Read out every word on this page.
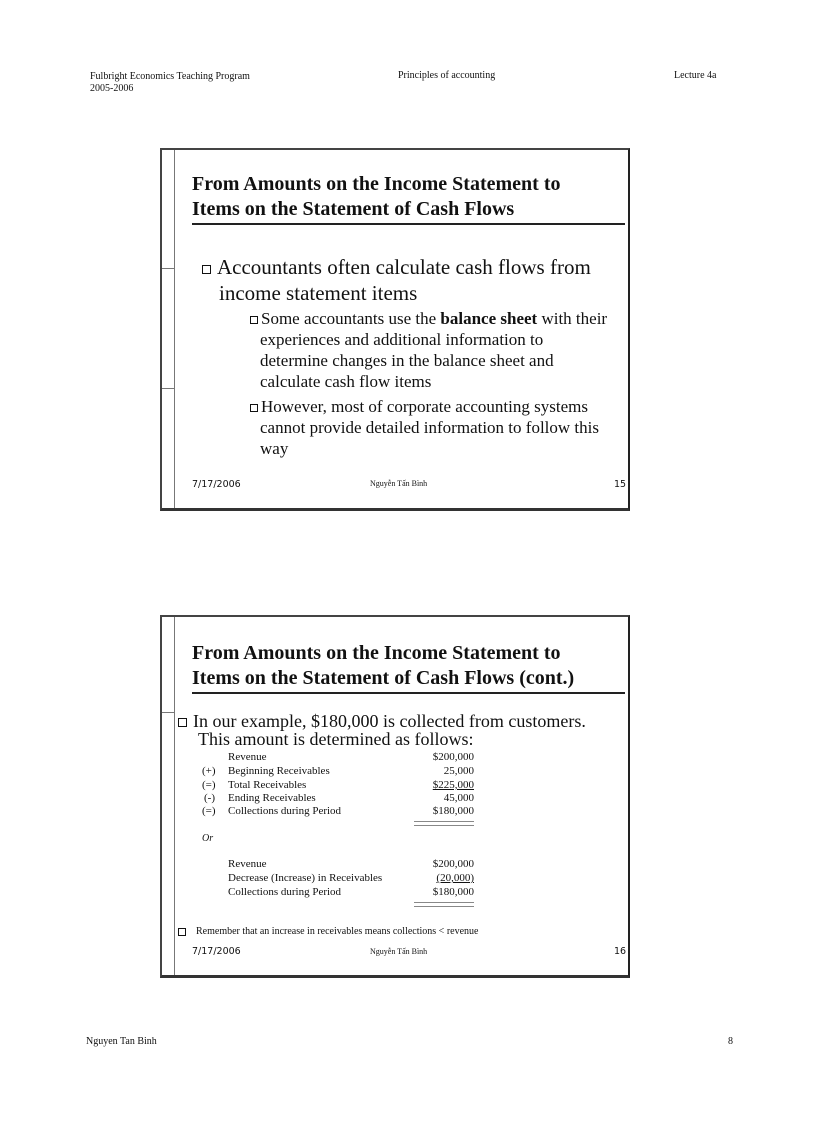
Fulbright Economics Teaching Program
2005-2006
Principles of accounting	Lecture 4a
From Amounts on the Income Statement to
Items on the Statement of Cash Flows
Accountants often calculate cash flows from
income statement items
Some accountants use the balance sheet with their
experiences and additional information to
determine changes in the balance sheet and
calculate cash flow items
However, most of corporate accounting systems
cannot provide detailed information to follow this
way
7/17/2006	Nguyễn Tấn Bình	15
From Amounts on the Income Statement to
Items on the Statement of Cash Flows (cont.)
In our example, $180,000 is collected from customers.
This amount is determined as follows:
Revenue	$200,000
(+) Beginning Receivables	25,000
(=) Total Receivables	$225,000
(-) Ending Receivables	45,000
(=) Collections during Period	$180,000
Or
Revenue	$200,000
Decrease (Increase) in Receivables	(20,000)
Collections during Period	$180,000
Remember that an increase in receivables means collections < revenue
7/17/2006	Nguyễn Tấn Bình	16
Nguyen Tan Binh	8
